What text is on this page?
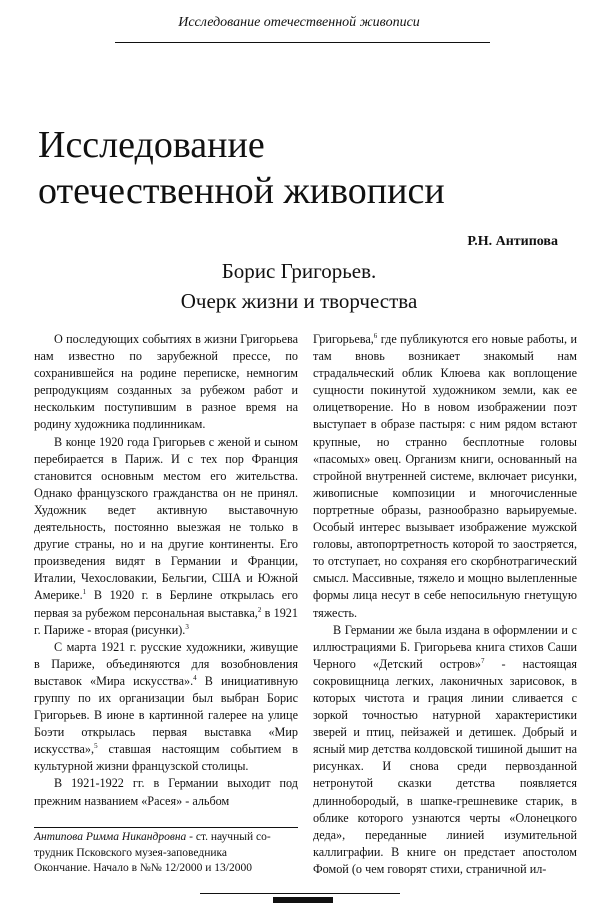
Исследование отечественной живописи
Исследование
отечественной живописи
Р.Н. Антипова
Борис Григорьев.
Очерк жизни и творчества

О последующих событиях в жизни Григорьева нам известно по зарубежной прессе, по сохранившейся на родине переписке, немногим репродукциям созданных за рубежом работ и нескольким поступившим в разное время на родину художника подлинникам.

В конце 1920 года Григорьев с женой и сыном перебирается в Париж. И с тех пор Франция становится основным местом его жительства. Однако французского гражданства он не принял. Художник ведет активную выставочную деятельность, постоянно выезжая не только в другие страны, но и на другие континенты. Его произведения видят в Германии и Франции, Италии, Чехословакии, Бельгии, США и Южной Америке.$^1$ В 1920 г. в Берлине открылась его первая за рубежом персональная выставка,$^2$ в 1921 г. Париже - вторая (рисунки).$^3$

С марта 1921 г. русские художники, живущие в Париже, объединяются для возобновления выставок «Мира искусства».$^4$ В инициативную группу по их организации был выбран Борис Григорьев. В июне в картинной галерее на улице Боэти открылась первая выставка «Мир искусства»,$^5$ ставшая настоящим событием в культурной жизни французской столицы.

В 1921-1922 гг. в Германии выходит под прежним названием «Расея» - альбом

Григорьева,$^6$ где публикуются его новые работы, и там вновь возникает знакомый нам страдальческий облик Клюева как воплощение сущности покинутой художником земли, как ее олицетворение. Но в новом изображении поэт выступает в образе пастыря: с ним рядом встают крупные, но странно бесплотные головы «пасомых» овец. Организм книги, основанный на стройной внутренней системе, включает рисунки, живописные композиции и многочисленные портретные образы, разнообразно варьируемые. Особый интерес вызывает изображение мужской головы, автопортретность которой то заостряется, то отступает, но сохраняя его скорбнотрагический смысл. Массивные, тяжело и мощно вылепленные формы лица несут в себе непосильную гнетущую тяжесть.

В Германии же была издана в оформлении и с иллюстрациями Б. Григорьева книга стихов Саши Черного «Детский остров»$^7$ - настоящая сокровищница легких, лаконичных зарисовок, в которых чистота и грация линии сливается с зоркой точностью натурной характеристики зверей и птиц, пейзажей и детишек. Добрый и ясный мир детства колдовской тишиной дышит на рисунках. И снова среди первозданной нетронутой сказки детства появляется длиннобородый, в шапке-грешневике старик, в облике которого узнаются черты «Олонецкого деда», переданные линией изумительной каллиграфии. В книге он предстает апостолом Фомой (о чем говорят стихи, страничной ил-

Антипова Римма Никандровна - ст. научный со-
трудник Псковского музея-заповедника
Окончание. Начало в №№ 12/2000 и 13/2000
